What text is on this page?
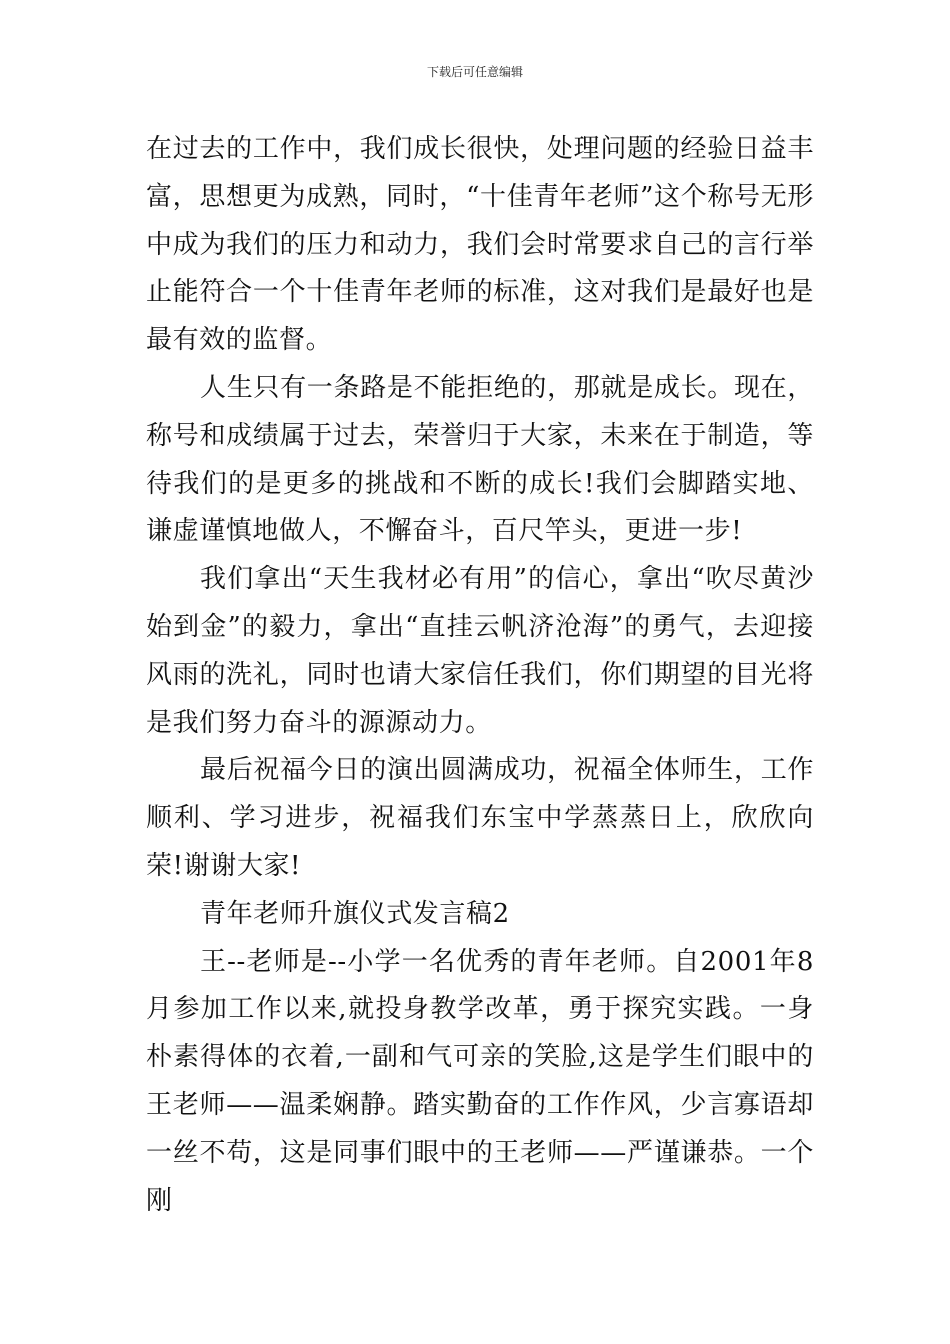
下载后可任意编辑

在过去的工作中，我们成长很快，处理问题的经验日益丰富，思想更为成熟，同时，“十佳青年老师”这个称号无形中成为我们的压力和动力，我们会时常要求自己的言行举止能符合一个十佳青年老师的标准，这对我们是最好也是最有效的监督。

人生只有一条路是不能拒绝的，那就是成长。现在，称号和成绩属于过去，荣誉归于大家，未来在于制造，等待我们的是更多的挑战和不断的成长!我们会脚踏实地、谦虚谨慎地做人，不懈奋斗，百尺竿头，更进一步!

我们拿出“天生我材必有用”的信心，拿出“吹尽黄沙始到金”的毅力，拿出“直挂云帆济沧海”的勇气，去迎接风雨的洗礼，同时也请大家信任我们，你们期望的目光将是我们努力奋斗的源源动力。

最后祝福今日的演出圆满成功，祝福全体师生，工作顺利、学习进步，祝福我们东宝中学蒸蒸日上，欣欣向荣!谢谢大家!

青年老师升旗仪式发言稿2

王--老师是--小学一名优秀的青年老师。自2001年8月参加工作以来,就投身教学改革，勇于探究实践。一身朴素得体的衣着,一副和气可亲的笑脸,这是学生们眼中的王老师——温柔娴静。踏实勤奋的工作作风，少言寡语却一丝不苟，这是同事们眼中的王老师——严谨谦恭。一个刚
